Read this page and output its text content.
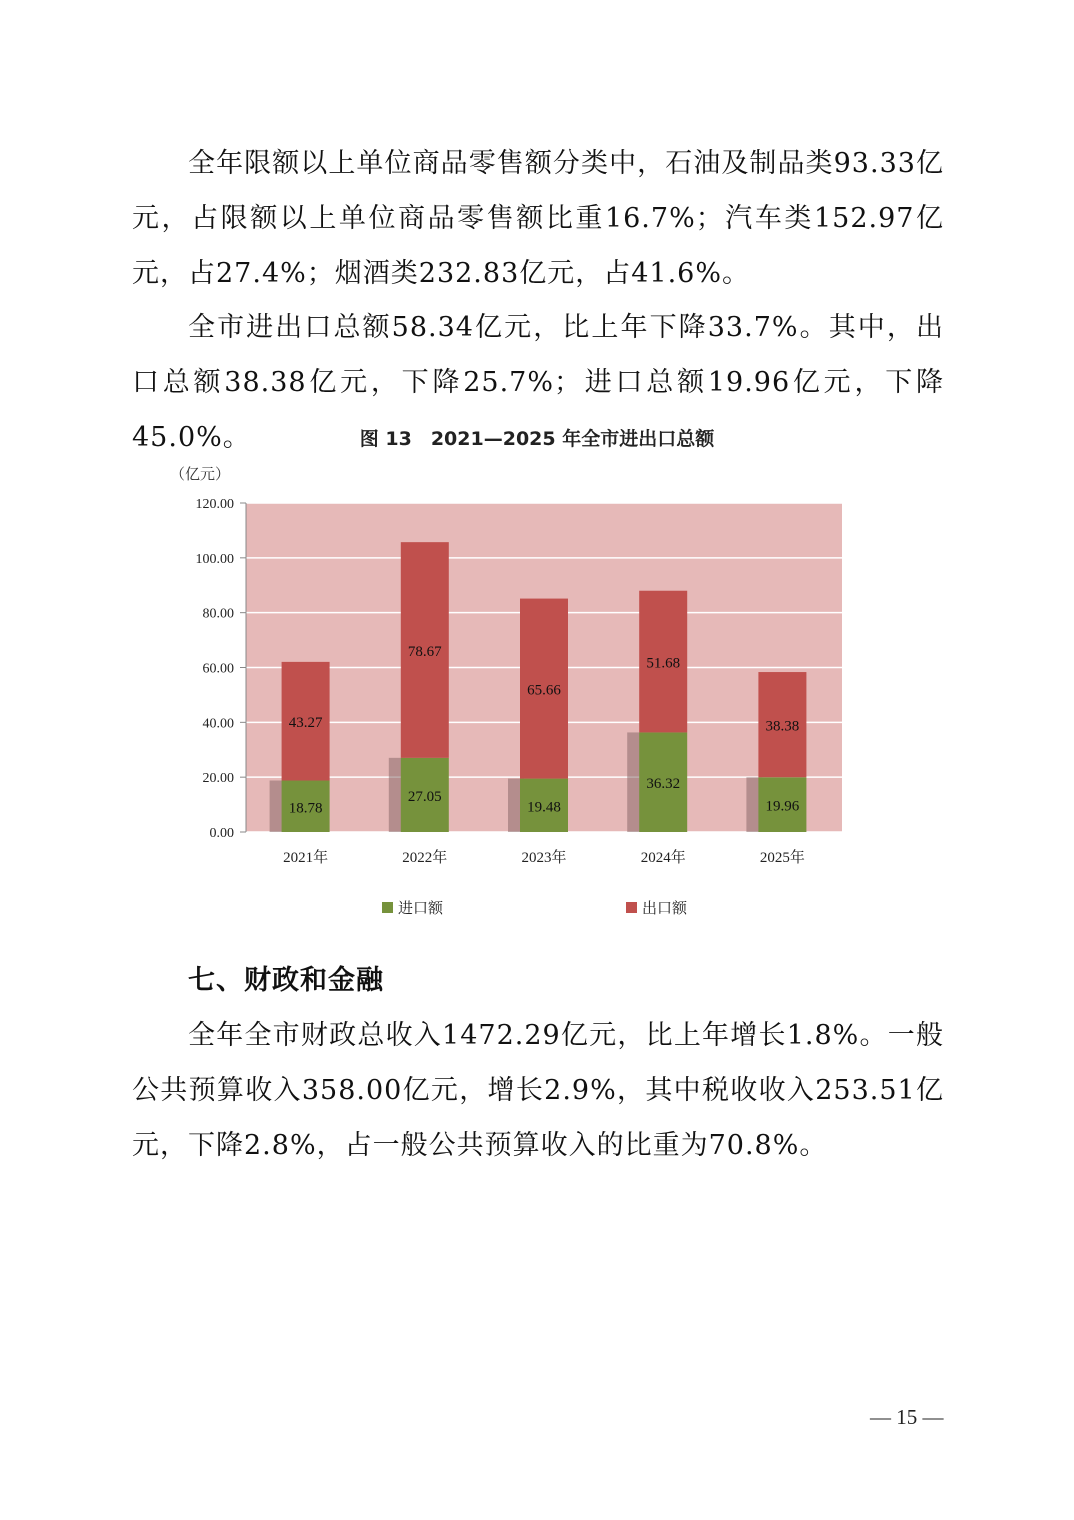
全年限额以上单位商品零售额分类中，石油及制品类93.33亿元，占限额以上单位商品零售额比重16.7%；汽车类152.97亿元，占27.4%；烟酒类232.83亿元，占41.6%。

全市进出口总额58.34亿元，比上年下降33.7%。其中，出口总额38.38亿元，下降25.7%；进口总额19.96亿元，下降45.0%。	图 13　2021—2025 年全市进出口总额
0.00
20.00
40.00
60.00
80.00
100.00
120.00
（亿元）
18.78
43.27
2021年
27.05
78.67
2022年
19.48
65.66
2023年
36.32
51.68
2024年
19.96
38.38
2025年
进口额	出口额
七、财政和金融

全年全市财政总收入1472.29亿元，比上年增长1.8%。一般公共预算收入358.00亿元，增长2.9%，其中税收收入253.51亿元，下降2.8%，占一般公共预算收入的比重为70.8%。

— 15 —
